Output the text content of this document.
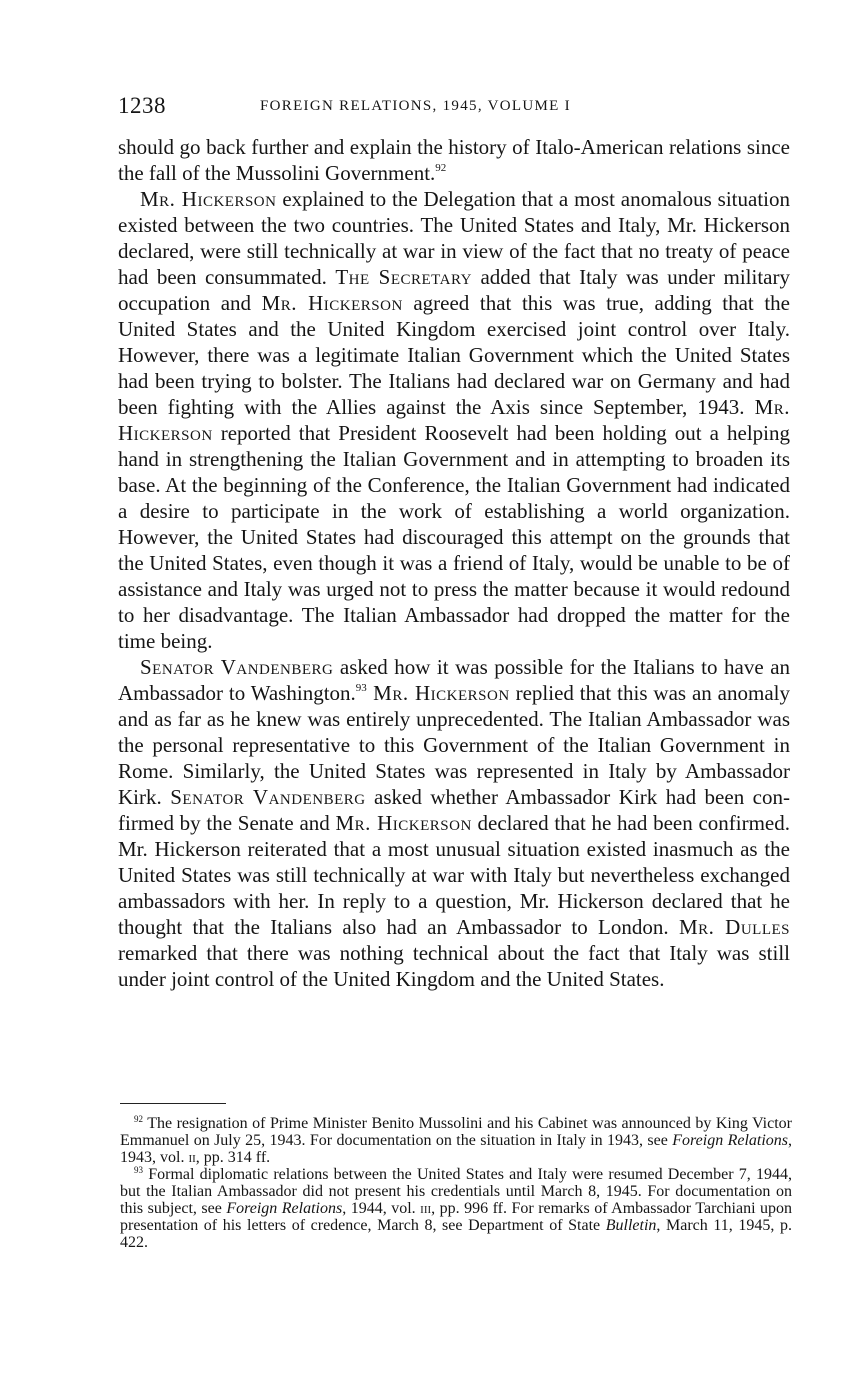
1238	FOREIGN RELATIONS, 1945, VOLUME I

should go back further and explain the history of Italo-American relations since the fall of the Mussolini Government.$^{92}$

Mr. Hickerson explained to the Delegation that a most anomalous situation existed between the two countries. The United States and Italy, Mr. Hickerson declared, were still technically at war in view of the fact that no treaty of peace had been consummated. The Secretary added that Italy was under military occupation and Mr. Hickerson agreed that this was true, adding that the United States and the United Kingdom exercised joint control over Italy. However, there was a legitimate Italian Government which the United States had been trying to bolster. The Italians had declared war on Germany and had been fighting with the Allies against the Axis since September, 1943. Mr. Hickerson reported that President Roosevelt had been holding out a helping hand in strengthening the Italian Government and in attempting to broaden its base. At the beginning of the Conference, the Italian Government had indicated a desire to participate in the work of establishing a world organization. However, the United States had discouraged this attempt on the grounds that the United States, even though it was a friend of Italy, would be unable to be of assistance and Italy was urged not to press the matter because it would redound to her disadvantage. The Italian Ambassador had dropped the matter for the time being.

Senator Vandenberg asked how it was possible for the Italians to have an Ambassador to Washington.$^{93}$ Mr. Hickerson replied that this was an anomaly and as far as he knew was entirely unprecedented. The Italian Ambassador was the personal representative to this Government of the Italian Government in Rome. Similarly, the United States was represented in Italy by Ambassador Kirk. Senator Vandenberg asked whether Ambassador Kirk had been confirmed by the Senate and Mr. Hickerson declared that he had been confirmed. Mr. Hickerson reiterated that a most unusual situation existed inasmuch as the United States was still technically at war with Italy but nevertheless exchanged ambassadors with her. In reply to a question, Mr. Hickerson declared that he thought that the Italians also had an Ambassador to London. Mr. Dulles remarked that there was nothing technical about the fact that Italy was still under joint control of the United Kingdom and the United States.

$^{92}$ The resignation of Prime Minister Benito Mussolini and his Cabinet was announced by King Victor Emmanuel on July 25, 1943. For documentation on the situation in Italy in 1943, see Foreign Relations, 1943, vol. ii, pp. 314 ff.

$^{93}$ Formal diplomatic relations between the United States and Italy were resumed December 7, 1944, but the Italian Ambassador did not present his credentials until March 8, 1945. For documentation on this subject, see Foreign Relations, 1944, vol. iii, pp. 996 ff. For remarks of Ambassador Tarchiani upon presentation of his letters of credence, March 8, see Department of State Bulletin, March 11, 1945, p. 422.
